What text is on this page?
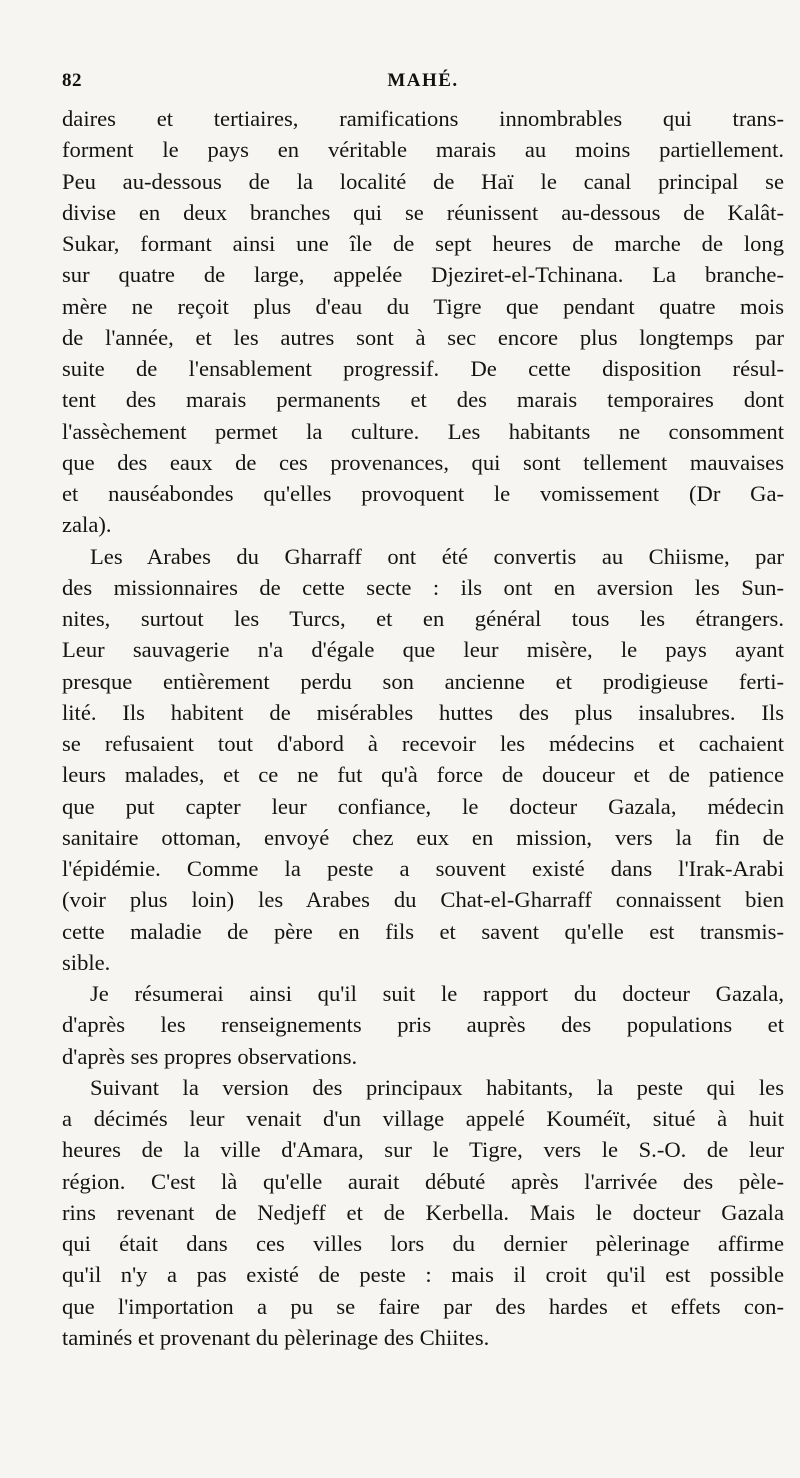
82	MAHÉ.
daires et tertiaires, ramifications innombrables qui trans-
forment le pays en véritable marais au moins partiellement.
Peu au-dessous de la localité de Haï le canal principal se
divise en deux branches qui se réunissent au-dessous de Kalât-
Sukar, formant ainsi une île de sept heures de marche de long
sur quatre de large, appelée Djeziret-el-Tchinana. La branche-
mère ne reçoit plus d'eau du Tigre que pendant quatre mois
de l'année, et les autres sont à sec encore plus longtemps par
suite de l'ensablement progressif. De cette disposition résul-
tent des marais permanents et des marais temporaires dont
l'assèchement permet la culture. Les habitants ne consomment
que des eaux de ces provenances, qui sont tellement mauvaises
et nauséabondes qu'elles provoquent le vomissement (Dr Ga-
zala).
Les Arabes du Gharraff ont été convertis au Chiisme, par
des missionnaires de cette secte : ils ont en aversion les Sun-
nites, surtout les Turcs, et en général tous les étrangers.
Leur sauvagerie n'a d'égale que leur misère, le pays ayant
presque entièrement perdu son ancienne et prodigieuse ferti-
lité. Ils habitent de misérables huttes des plus insalubres. Ils
se refusaient tout d'abord à recevoir les médecins et cachaient
leurs malades, et ce ne fut qu'à force de douceur et de patience
que put capter leur confiance, le docteur Gazala, médecin
sanitaire ottoman, envoyé chez eux en mission, vers la fin de
l'épidémie. Comme la peste a souvent existé dans l'Irak-Arabi
(voir plus loin) les Arabes du Chat-el-Gharraff connaissent bien
cette maladie de père en fils et savent qu'elle est transmis-
sible.
Je résumerai ainsi qu'il suit le rapport du docteur Gazala,
d'après les renseignements pris auprès des populations et
d'après ses propres observations.
Suivant la version des principaux habitants, la peste qui les
a décimés leur venait d'un village appelé Kouméït, situé à huit
heures de la ville d'Amara, sur le Tigre, vers le S.-O. de leur
région. C'est là qu'elle aurait débuté après l'arrivée des pèle-
rins revenant de Nedjeff et de Kerbella. Mais le docteur Gazala
qui était dans ces villes lors du dernier pèlerinage affirme
qu'il n'y a pas existé de peste : mais il croit qu'il est possible
que l'importation a pu se faire par des hardes et effets con-
taminés et provenant du pèlerinage des Chiites.
